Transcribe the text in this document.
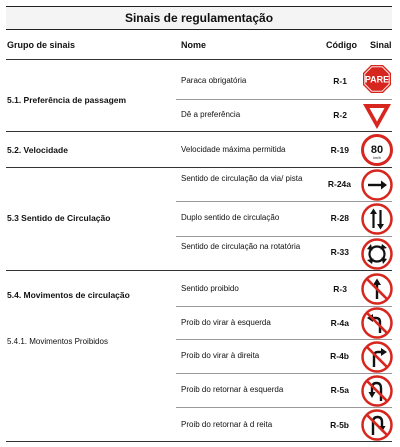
Sinais de regulamentação
Grupo de sinais	Nome	Código Sinal
5.1. Preferência de passagem
5.2. Velocidade
5.3 Sentido de Circulação
5.4. Movimentos de circulação
5.4.1. Movimentos Proibidos
Paraca obrigatória
Dê a preferência
Velocidade máxima permitida
Sentido de circulação da via/ pista
Duplo sentido de circulação
Sentido de circulação na rotatória
Sentido proibido
Proib do virar à esquerda
Proib do virar à direita
Proib do retornar à esquerda
Proib do retornar à d reita
R-1
R-2
R-19
R-24a
R-28
R-33
R-3
R-4a
R-4b
R-5a
R-5b
PARE
80
km/h
